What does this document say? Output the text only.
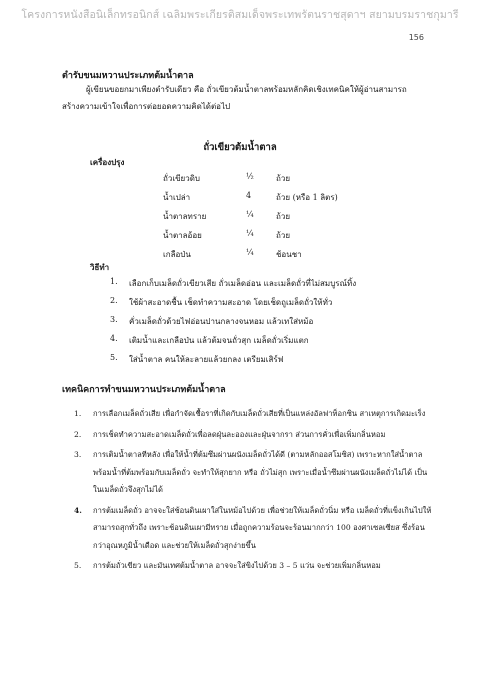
โครงการหนังสือนิเล็กทรอนิกส์ เฉลิมพระเกียรติสมเด็จพระเทพรัตนราชสุดาฯ สยามบรมราชกุมารี
156
ตำรับขนมหวานประเภทต้มน้ำตาล
ผู้เขียนขอยกมาเพียงตำรับเดียว คือ ถั่วเขียวต้มน้ำตาลพร้อมหลักคิดเชิงเทคนิคให้ผู้อ่านสามารถสร้างความเข้าใจเพื่อการต่อยอดความคิดได้ต่อไป
ถั่วเขียวต้มน้ำตาล
เครื่องปรุง
ถั่วเขียวดิบ	½	ถ้วย
น้ำเปล่า	4	ถ้วย (หรือ 1 ลิตร)
น้ำตาลทราย	¼	ถ้วย
น้ำตาลอ้อย	¼	ถ้วย
เกลือป่น	¼	ช้อนชา
วิธีทำ
1. เลือกเก็บเมล็ดถั่วเขียวเสีย ถั่วเมล็ดอ่อน และเมล็ดถั่วที่ไม่สมบูรณ์ทิ้ง
2. ใช้ผ้าสะอาดชื้น เช็ดทำความสะอาด โดยเช็ดถูเมล็ดถั่วให้ทั่ว
3. คั่วเมล็ดถั่วด้วยไฟอ่อนปานกลางจนหอม แล้วเทใส่หม้อ
4. เติมน้ำและเกลือป่น แล้วต้มจนถั่วสุก เมล็ดถั่วเริ่มแตก
5. ใส่น้ำตาล คนให้ละลายแล้วยกลง เตรียมเสิร์ฟ
เทคนิคการทำขนมหวานประเภทต้มน้ำตาล
1. การเลือกเมล็ดถั่วเสีย เพื่อกำจัดเชื้อราที่เกิดกับเมล็ดถั่วเสียที่เป็นแหล่งอัลฟาท็อกซิน สาเหตุการเกิดมะเร็ง
2. การเช็ดทำความสะอาดเมล็ดถั่วเพื่อลดฝุ่นละอองและฝุ่นจากรา ส่วนการคั่วเพื่อเพิ่มกลิ่นหอม
3. การเติมน้ำตาลทีหลัง เพื่อให้น้ำที่ต้มซึมผ่านผนังเมล็ดถั่วได้ดี (ตามหลักออสโมซิส) เพราะหากใส่น้ำตาลพร้อมน้ำที่ต้มพร้อมกับเมล็ดถั่ว จะทำให้สุกยาก หรือ ถั่วไม่สุก เพราะเมื่อน้ำซึมผ่านผนังเมล็ดถั่วไม่ได้ เป็นในเมล็ดถั่วจึงสุกไม่ได้
4. การต้มเมล็ดถั่ว อาจจะใส่ช้อนดินเผาใส่ในหม้อไปด้วย เพื่อช่วยให้เมล็ดถั่วนิ่ม หรือ เมล็ดถั่วที่แข็งเกินไปให้สามารถสุกทั่วถึง เพราะช้อนดินเผามีทราย เมื่อถูกความร้อนจะร้อนมากกว่า 100 องศาเซลเซียส ซึ่งร้อนกว่าอุณหภูมิน้ำเดือด และช่วยให้เมล็ดถั่วสุกง่ายขึ้น
5. การต้มถั่วเขียว และมันเทศต้มน้ำตาล อาจจะใส่ขิงไปด้วย 3 – 5 แว่น จะช่วยเพิ่มกลิ่นหอม
